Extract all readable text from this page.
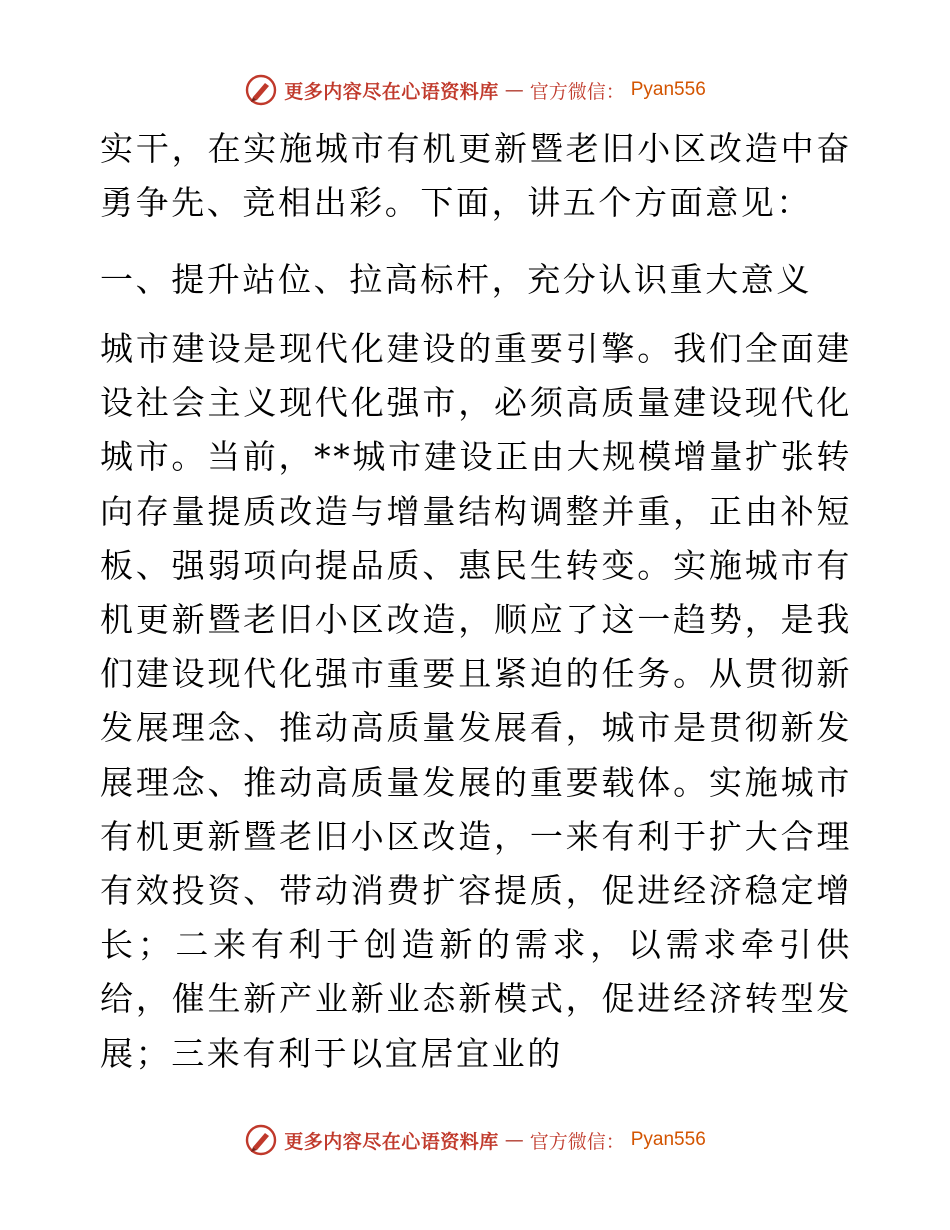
更多内容尽在心语资料库 — 官方微信： Pyan556

实干，在实施城市有机更新暨老旧小区改造中奋勇争先、竞相出彩。下面，讲五个方面意见：

一、提升站位、拉高标杆，充分认识重大意义

城市建设是现代化建设的重要引擎。我们全面建设社会主义现代化强市，必须高质量建设现代化城市。当前，**城市建设正由大规模增量扩张转向存量提质改造与增量结构调整并重，正由补短板、强弱项向提品质、惠民生转变。实施城市有机更新暨老旧小区改造，顺应了这一趋势，是我们建设现代化强市重要且紧迫的任务。从贯彻新发展理念、推动高质量发展看，城市是贯彻新发展理念、推动高质量发展的重要载体。实施城市有机更新暨老旧小区改造，一来有利于扩大合理有效投资、带动消费扩容提质，促进经济稳定增长；二来有利于创造新的需求，以需求牵引供给，催生新产业新业态新模式，促进经济转型发展；三来有利于以宜居宜业的

更多内容尽在心语资料库 — 官方微信： Pyan556
